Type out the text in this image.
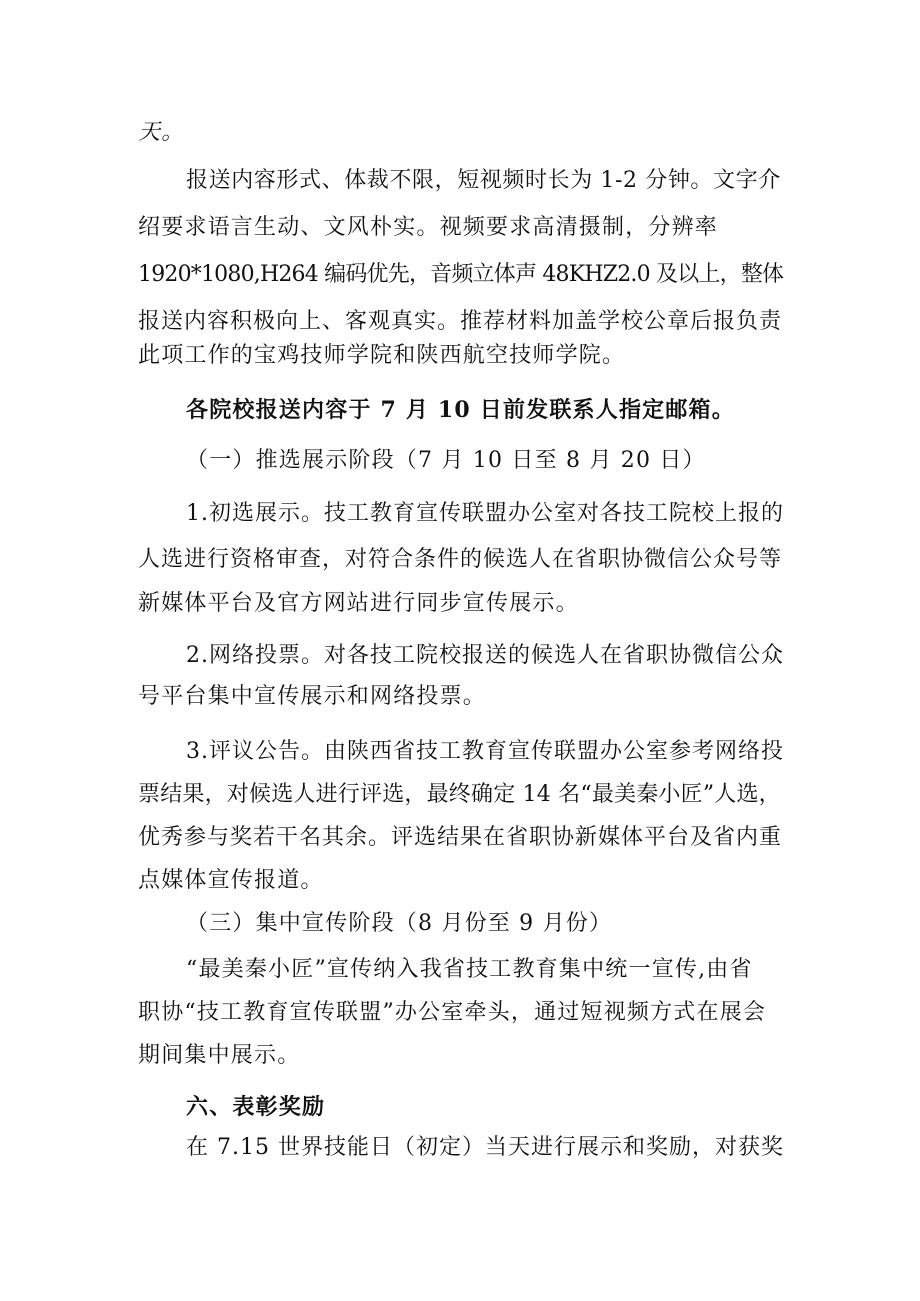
天。
报送内容形式、体裁不限，短视频时长为 1-2 分钟。文字介
绍要求语言生动、文风朴实。视频要求高清摄制，分辨率
1920*1080,H264 编码优先，音频立体声 48KHZ2.0 及以上，整体
报送内容积极向上、客观真实。推荐材料加盖学校公章后报负责
此项工作的宝鸡技师学院和陕西航空技师学院。
各院校报送内容于 7 月 10 日前发联系人指定邮箱。
（一）推选展示阶段（7 月 10 日至 8 月 20 日）
1.初选展示。技工教育宣传联盟办公室对各技工院校上报的
人选进行资格审查，对符合条件的候选人在省职协微信公众号等
新媒体平台及官方网站进行同步宣传展示。
2.网络投票。对各技工院校报送的候选人在省职协微信公众
号平台集中宣传展示和网络投票。
3.评议公告。由陕西省技工教育宣传联盟办公室参考网络投
票结果，对候选人进行评选，最终确定 14 名“最美秦小匠”人选，
优秀参与奖若干名其余。评选结果在省职协新媒体平台及省内重
点媒体宣传报道。
（三）集中宣传阶段（8 月份至 9 月份）
“最美秦小匠”宣传纳入我省技工教育集中统一宣传,由省
职协“技工教育宣传联盟”办公室牵头，通过短视频方式在展会
期间集中展示。
六、表彰奖励
在 7.15 世界技能日（初定）当天进行展示和奖励，对获奖
